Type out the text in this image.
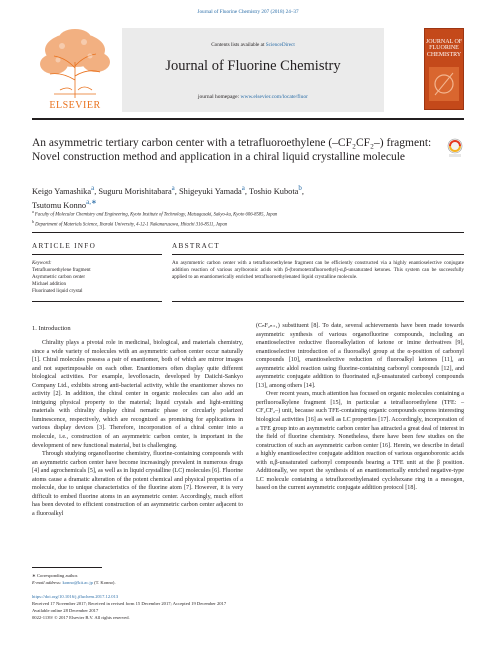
Journal of Fluorine Chemistry 207 (2018) 24–37
ELSEVIER
Contents lists available at ScienceDirect
Journal of Fluorine Chemistry
journal homepage: www.elsevier.com/locate/fluor
JOURNAL OF FLUORINE CHEMISTRY
An asymmetric tertiary carbon center with a tetrafluoroethylene (–CF₂CF₂–) fragment: Novel construction method and application in a chiral liquid crystalline molecule
Keigo Yamashika$^a$, Suguru Morishitabara$^a$, Shigeyuki Yamada$^a$, Toshio Kubota$^b$,
Tsutomu Konno$^{a,∗}$
$^a$ Faculty of Molecular Chemistry and Engineering, Kyoto Institute of Technology, Matsugasaki, Sakyo-ku, Kyoto 606-8585, Japan
$^b$ Department of Materials Science, Ibaraki University, 4-12-1 Nakanarusawa, Hitachi 316-8511, Japan
ARTICLE INFO	ABSTRACT
Keyword:
Tetrafluoroethylene fragment
Asymmetric carbon center
Michael addition
Fluorinated liquid crystal
An asymmetric carbon center with a tetrafluoroethylene fragment can be efficiently constructed via a highly enantioselective conjugate addition reaction of various arylboronic acids with β-(bromotetrafluoroethyl)-α,β-unsaturated ketones. This system can be successfully applied to an enantiomerically enriched tetrafluoroethylenated liquid crystalline molecule.
1. Introduction

Chirality plays a pivotal role in medicinal, biological, and materials chemistry, since a wide variety of molecules with an asymmetric carbon center occur naturally [1]. Chiral molecules possess a pair of enantiomer, both of which are mirror images and not superimposable on each other. Enantiomers often display quite different biological activities. For example, levofloxacin, developed by Daiichi-Sankyo Company Ltd., exhibits strong anti-bacterial activity, while the enantiomer shows no activity [2]. In addition, the chiral center in organic molecules can also add an intriguing physical property to the material; liquid crystals and light-emitting materials with chirality display chiral nematic phase or circularly polarized luminescence, respectively, which are recognized as promising for applications in various display devices [3]. Therefore, incorporation of a chiral center into a molecule, i.e., construction of an asymmetric carbon center, is important in the development of new functional material, but is challenging.

Through studying organofluorine chemistry, fluorine-containing compounds with an asymmetric carbon center have become increasingly prevalent in numerous drugs [4] and agrochemicals [5], as well as in liquid crystalline (LC) molecules [6]. Fluorine atoms cause a dramatic alteration of the potent chemical and physical properties of a molecule, due to unique characteristics of the fluorine atom [7]. However, it is very difficult to embed fluorine atoms in an asymmetric center. Accordingly, much effort has been devoted to efficient construction of an asymmetric carbon center adjacent to a fluoroalkyl

(CₙF₂ₙ₊₁) substituent [8]. To date, several achievements have been made towards asymmetric synthesis of various organofluorine compounds, including an enantioselective reductive fluoroalkylation of ketone or imine derivatives [9], enantioselective introduction of a fluoroalkyl group at the α-position of carbonyl compounds [10], enantioselective reduction of fluoroalkyl ketones [11], an asymmetric aldol reaction using fluorine-containing carbonyl compounds [12], and asymmetric conjugate addition to fluorinated α,β-unsaturated carbonyl compounds [13], among others [14].

Over recent years, much attention has focused on organic molecules containing a perfluoroalkylene fragment [15], in particular a tetrafluoroethylene (TFE: –CF₂CF₂–) unit, because such TFE-containing organic compounds express interesting biological activities [16] as well as LC properties [17]. Accordingly, incorporation of a TFE group into an asymmetric carbon center has attracted a great deal of interest in the field of fluorine chemistry. Nonetheless, there have been few studies on the construction of such an asymmetric carbon center [16]. Herein, we describe in detail a highly enantioselective conjugate addition reaction of various organoboronic acids with α,β-unsaturated carbonyl compounds bearing a TFE unit at the β position. Additionally, we report the synthesis of an enantiomerically enriched negative-type LC molecule containing a tetrafluoroethylenated cyclohexane ring in a mesogen, based on the current asymmetric conjugate addition protocol [18].

∗ Corresponding author.
E-mail address: konno@kit.ac.jp (T. Konno).
https://doi.org/10.1016/j.jfluchem.2017.12.013
Received 17 November 2017; Received in revised form 15 December 2017; Accepted 19 December 2017
Available online 28 December 2017
0022-1139/ © 2017 Elsevier B.V. All rights reserved.
